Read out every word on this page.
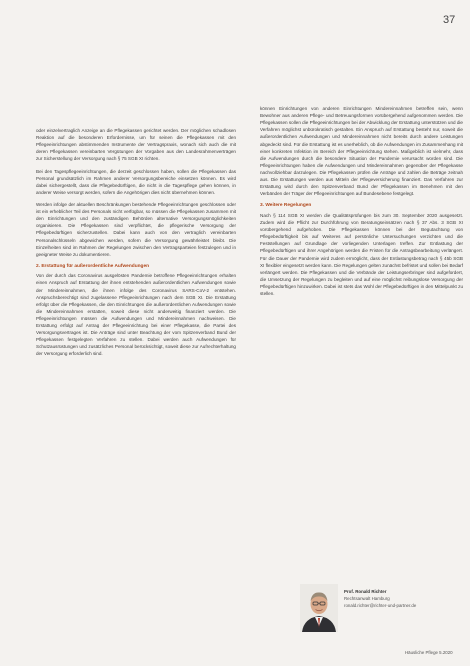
37

oder einzelvertraglich Anzeige an die Pflegekassen gerichtet werden. Der möglichen schadlosen Reaktion auf die besonderen Erfordernisse, um für seinen die Pflegekassen mit den Pflegeeinrichtungen abstimmenden Instrumente der Vertragspraxis, wonach sich auch die mit deren Pflegekassen vereinbarten Vergütungen der Vorgaben aus den Landesrahmenverträgen zur Sicherstellung der Versorgung nach § 75 SGB XI richten.

Bei den Tagespflegeeinrichtungen, die derzeit geschlossen haben, sollen die Pflegekassen das Personal grundsätzlich im Rahmen anderer Versorgungsbereiche einsetzen können. Es wird dabei sichergestellt, dass die Pflegebedürftigen, die nicht in die Tagespflege gehen können, in anderer Weise versorgt werden, sofern die Angehörigen dies nicht übernehmen können.

Werden infolge der aktuellen Beschränkungen bestehende Pflegeeinrichtungen geschlossen oder ist ein erheblicher Teil des Personals nicht verfügbar, so müssen die Pflegekassen zusammen mit den Einrichtungen und den zuständigen Behörden alternative Versorgungsmöglichkeiten organisieren. Die Pflegekassen sind verpflichtet, die pflegerische Versorgung der Pflegebedürftigen sicherzustellen. Dabei kann auch von den vertraglich vereinbarten Personalschlüsseln abgewichen werden, sofern die Versorgung gewährleistet bleibt. Die Einzelheiten sind im Rahmen der Regelungen zwischen den Vertragsparteien festzulegen und in geeigneter Weise zu dokumentieren.

2. Erstattung für außerordentliche Aufwendungen

Von der durch das Coronavirus ausgelösten Pandemie betroffene Pflegeeinrichtungen erhalten einen Anspruch auf Erstattung der ihnen entstehenden außerordentlichen Aufwendungen sowie der Mindereinnahmen, die ihnen infolge des Coronavirus SARS-CoV-2 entstehen. Anspruchsberechtigt sind zugelassene Pflegeeinrichtungen nach dem SGB XI. Die Erstattung erfolgt über die Pflegekassen, die den Einrichtungen die außerordentlichen Aufwendungen sowie die Mindereinnahmen erstatten, soweit diese nicht anderweitig finanziert werden. Die Pflegeeinrichtungen müssen die Aufwendungen und Mindereinnahmen nachweisen. Die Erstattung erfolgt auf Antrag der Pflegeeinrichtung bei einer Pflegekasse, die Partei des Versorgungsvertrages ist. Die Anträge sind unter Beachtung der vom Spitzenverband Bund der Pflegekassen festgelegten Verfahren zu stellen. Dabei werden auch Aufwendungen für Schutzausrüstungen und zusätzliches Personal berücksichtigt, soweit diese zur Aufrechterhaltung der Versorgung erforderlich sind.

können Einrichtungen von anderen Einrichtungen Mindereinnahmen betreffen sein, wenn Bewohner aus anderen Pflege- und Betreuungsformen vorübergehend aufgenommen werden. Die Pflegekassen sollen die Pflegeeinrichtungen bei der Abwicklung der Erstattung unterstützen und die Verfahren möglichst unbürokratisch gestalten. Ein Anspruch auf Erstattung besteht nur, soweit die außerordentlichen Aufwendungen und Mindereinnahmen nicht bereits durch andere Leistungen abgedeckt sind. Für die Erstattung ist es unerheblich, ob die Aufwendungen im Zusammenhang mit einer konkreten Infektion im Bereich der Pflegeeinrichtung stehen. Maßgeblich ist vielmehr, dass die Aufwendungen durch die besondere Situation der Pandemie verursacht worden sind. Die Pflegeeinrichtungen haben die Aufwendungen und Mindereinnahmen gegenüber der Pflegekasse nachvollziehbar darzulegen. Die Pflegekassen prüfen die Anträge und zahlen die Beträge zeitnah aus. Die Erstattungen werden aus Mitteln der Pflegeversicherung finanziert. Das Verfahren zur Erstattung wird durch den Spitzenverband Bund der Pflegekassen im Benehmen mit den Verbänden der Träger der Pflegeeinrichtungen auf Bundesebene festgelegt.

3. Weitere Regelungen

Nach § 114 SGB XI werden die Qualitätsprüfungen bis zum 30. September 2020 ausgesetzt. Zudem wird die Pflicht zur Durchführung von Beratungseinsätzen nach § 37 Abs. 3 SGB XI vorübergehend aufgehoben. Die Pflegekassen können bei der Begutachtung von Pflegebedürftigkeit bis auf Weiteres auf persönliche Untersuchungen verzichten und die Feststellungen auf Grundlage der vorliegenden Unterlagen treffen. Zur Entlastung der Pflegebedürftigen und ihrer Angehörigen werden die Fristen für die Antragsbearbeitung verlängert. Für die Dauer der Pandemie wird zudem ermöglicht, dass der Entlastungsbetrag nach § 45b SGB XI flexibler eingesetzt werden kann. Die Regelungen gelten zunächst befristet und sollen bei Bedarf verlängert werden. Die Pflegekassen und die Verbände der Leistungserbringer sind aufgefordert, die Umsetzung der Regelungen zu begleiten und auf eine möglichst reibungslose Versorgung der Pflegebedürftigen hinzuwirken. Dabei ist stets das Wohl der Pflegebedürftigen in den Mittelpunkt zu stellen.

Prof. Ronald Richter
Rechtsanwalt Hamburg
ronald.richter@richter-und-partner.de
Häusliche Pflege 5.2020
